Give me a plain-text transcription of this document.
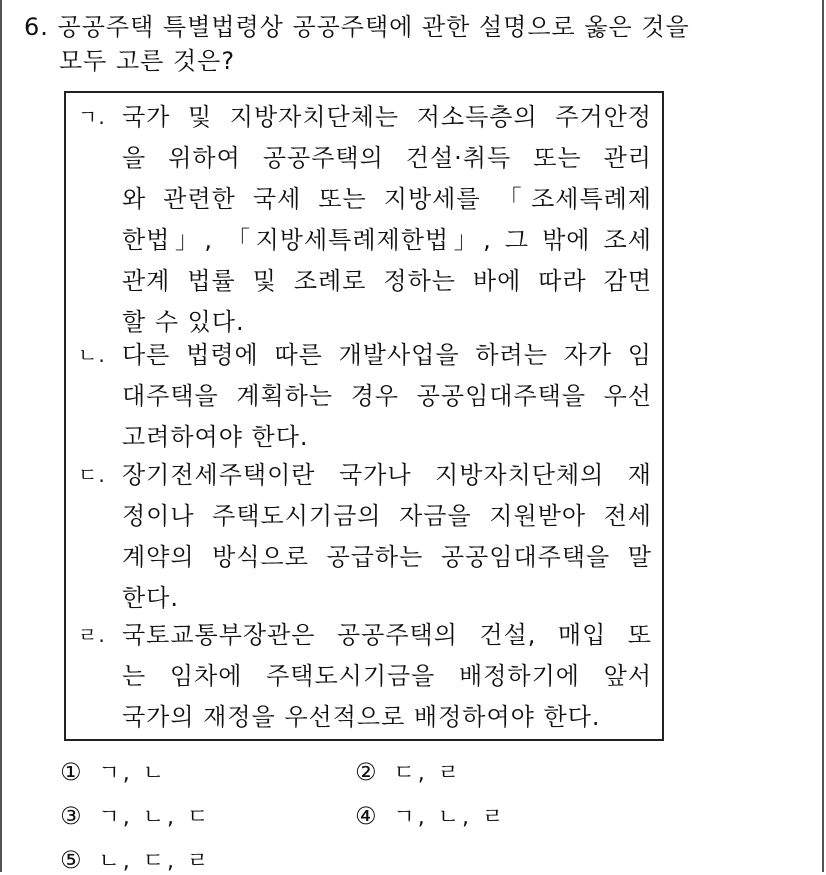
6. 공공주택 특별법령상 공공주택에 관한 설명으로 옳은 것을
모두 고른 것은?
ㄱ. 국가 및 지방자치단체는 저소득층의 주거안정
을 위하여 공공주택의 건설·취득 또는 관리
와 관련한 국세 또는 지방세를 「조세특례제
한법」, 「지방세특례제한법」, 그 밖에 조세
관계 법률 및 조례로 정하는 바에 따라 감면
할 수 있다.
ㄴ. 다른 법령에 따른 개발사업을 하려는 자가 임
대주택을 계획하는 경우 공공임대주택을 우선
고려하여야 한다.
ㄷ. 장기전세주택이란 국가나 지방자치단체의 재
정이나 주택도시기금의 자금을 지원받아 전세
계약의 방식으로 공급하는 공공임대주택을 말
한다.
ㄹ. 국토교통부장관은 공공주택의 건설, 매입 또
는 임차에 주택도시기금을 배정하기에 앞서
국가의 재정을 우선적으로 배정하여야 한다.
① ㄱ, ㄴ	② ㄷ, ㄹ
③ ㄱ, ㄴ, ㄷ	④ ㄱ, ㄴ, ㄹ
⑤ ㄴ, ㄷ, ㄹ
